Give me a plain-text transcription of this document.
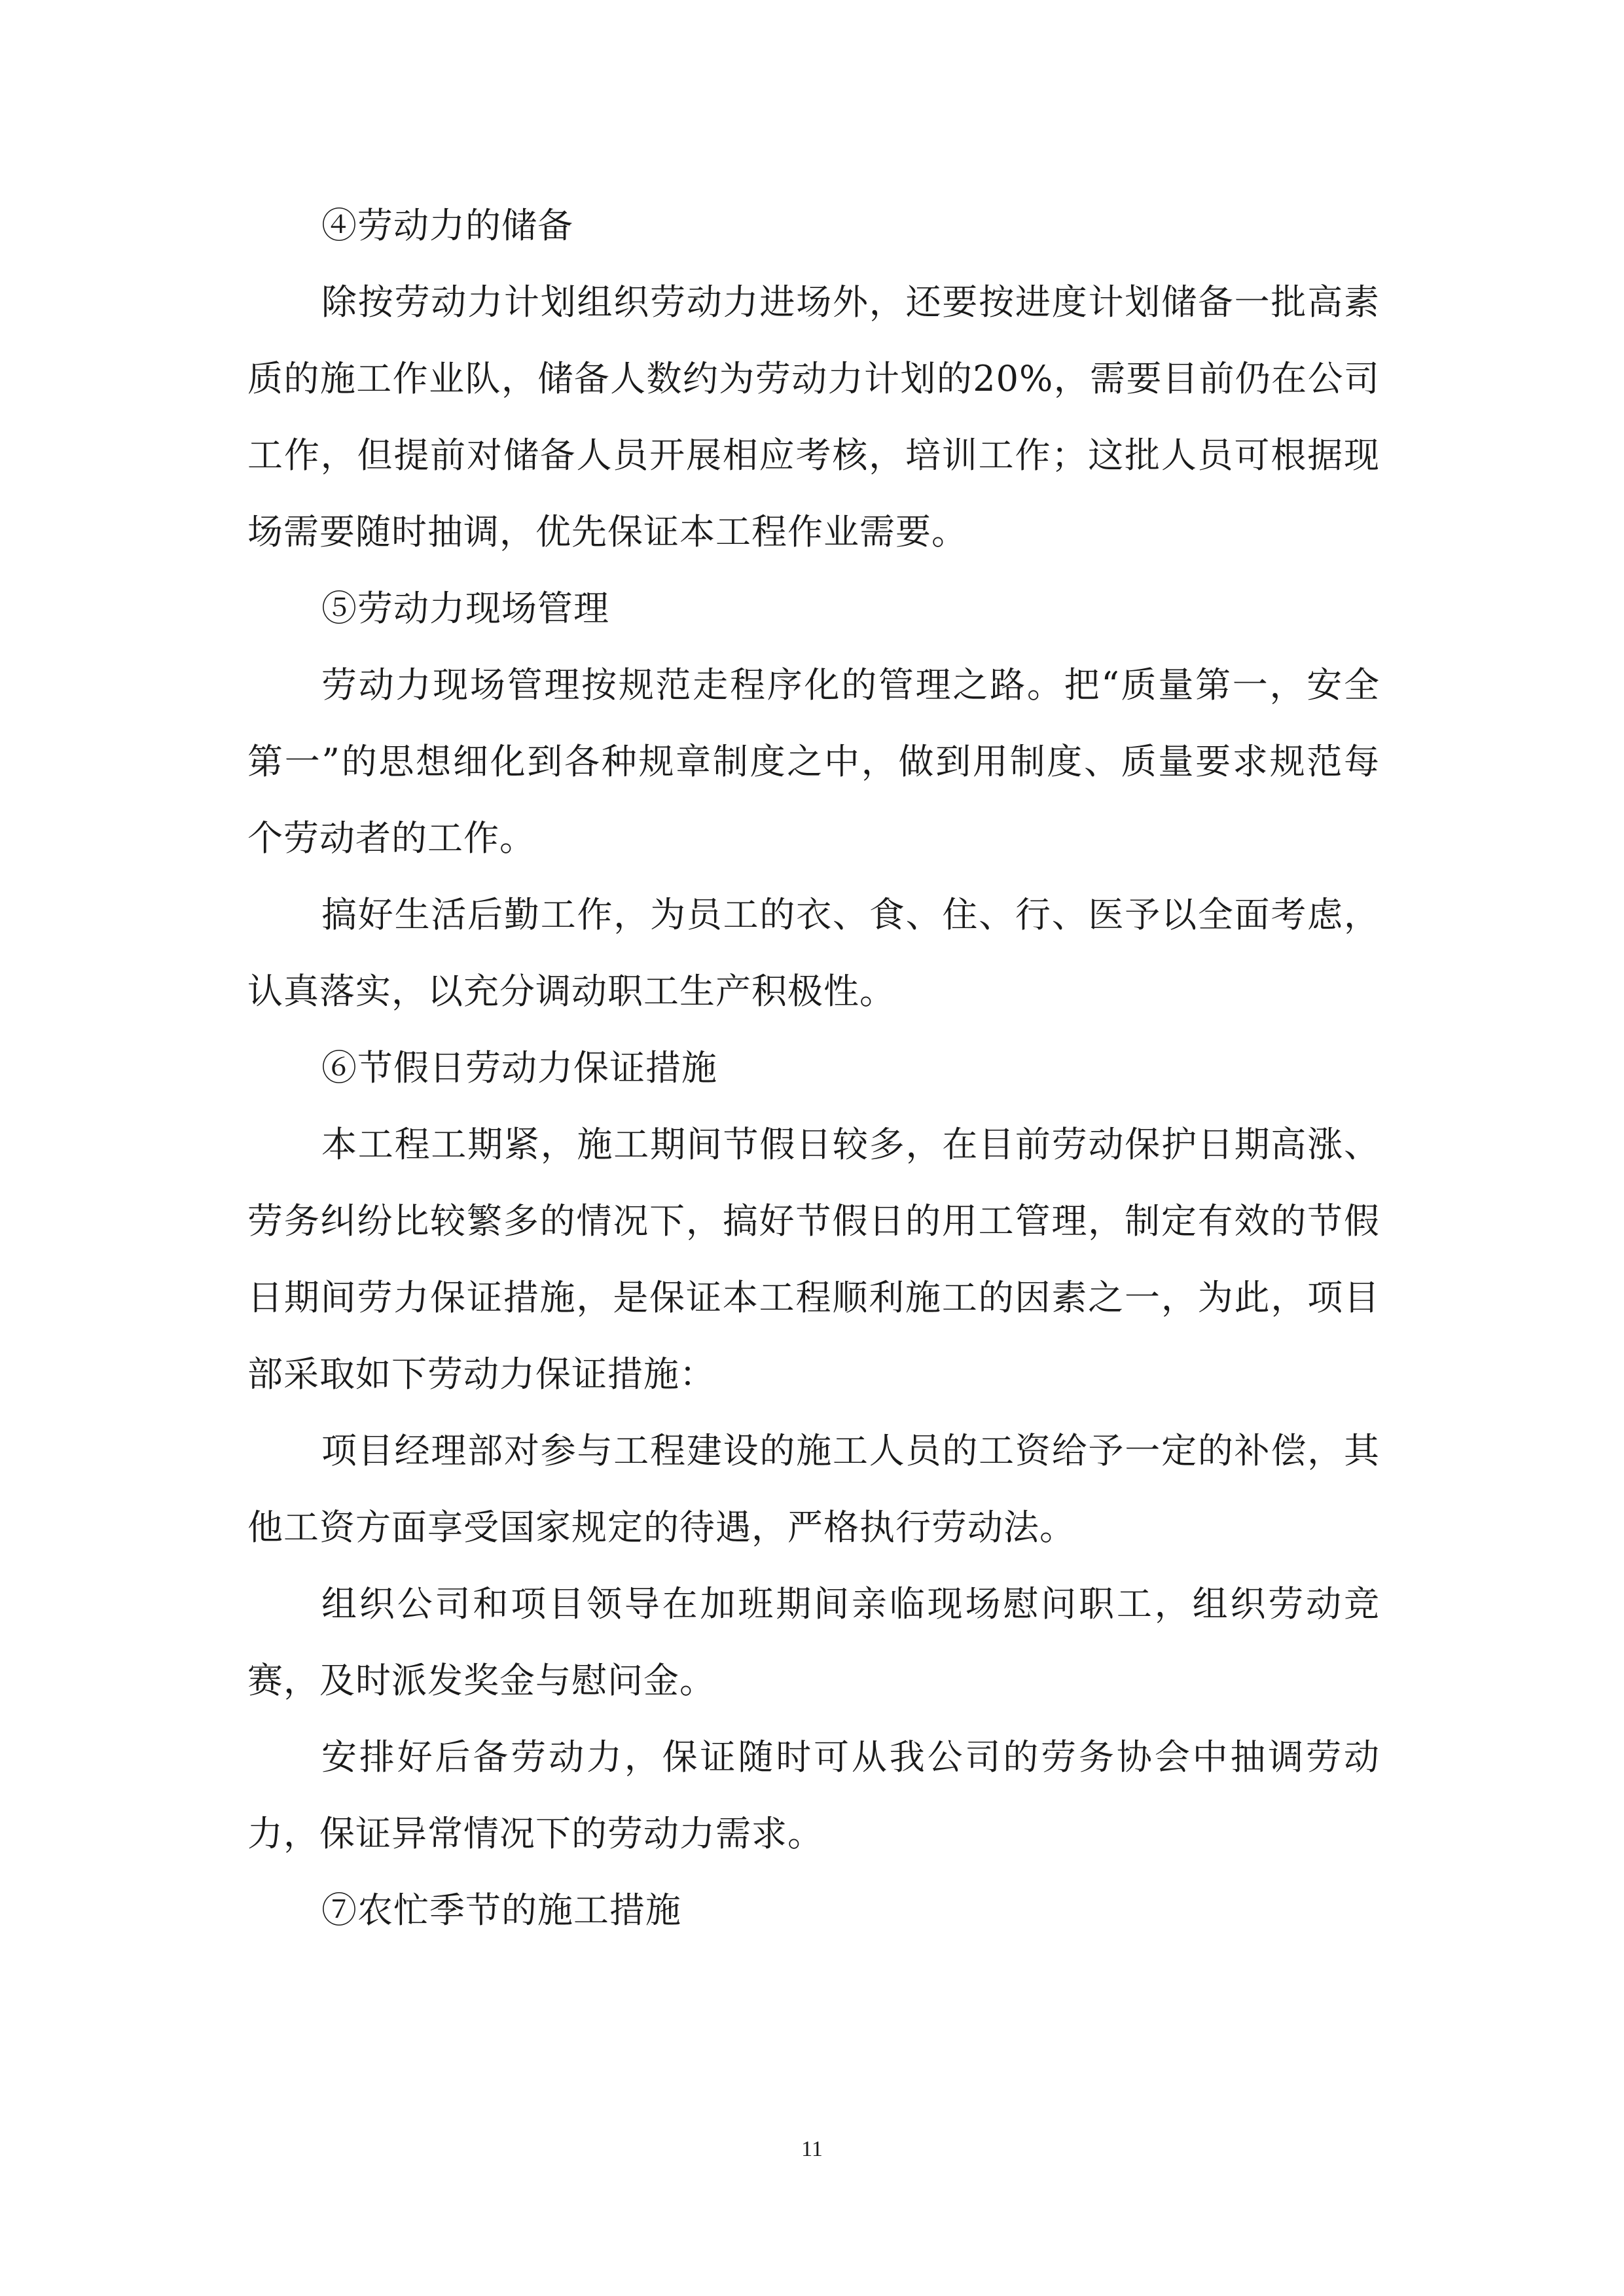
④劳动力的储备

除按劳动力计划组织劳动力进场外，还要按进度计划储备一批高素质的施工作业队，储备人数约为劳动力计划的20%，需要目前仍在公司工作，但提前对储备人员开展相应考核，培训工作；这批人员可根据现场需要随时抽调，优先保证本工程作业需要。

⑤劳动力现场管理

劳动力现场管理按规范走程序化的管理之路。把“质量第一，安全第一”的思想细化到各种规章制度之中，做到用制度、质量要求规范每个劳动者的工作。

搞好生活后勤工作，为员工的衣、食、住、行、医予以全面考虑，认真落实，以充分调动职工生产积极性。

⑥节假日劳动力保证措施

本工程工期紧，施工期间节假日较多，在目前劳动保护日期高涨、劳务纠纷比较繁多的情况下，搞好节假日的用工管理，制定有效的节假日期间劳力保证措施，是保证本工程顺利施工的因素之一，为此，项目部采取如下劳动力保证措施：

项目经理部对参与工程建设的施工人员的工资给予一定的补偿，其他工资方面享受国家规定的待遇，严格执行劳动法。

组织公司和项目领导在加班期间亲临现场慰问职工，组织劳动竞赛，及时派发奖金与慰问金。

安排好后备劳动力，保证随时可从我公司的劳务协会中抽调劳动力，保证异常情况下的劳动力需求。

⑦农忙季节的施工措施

11
